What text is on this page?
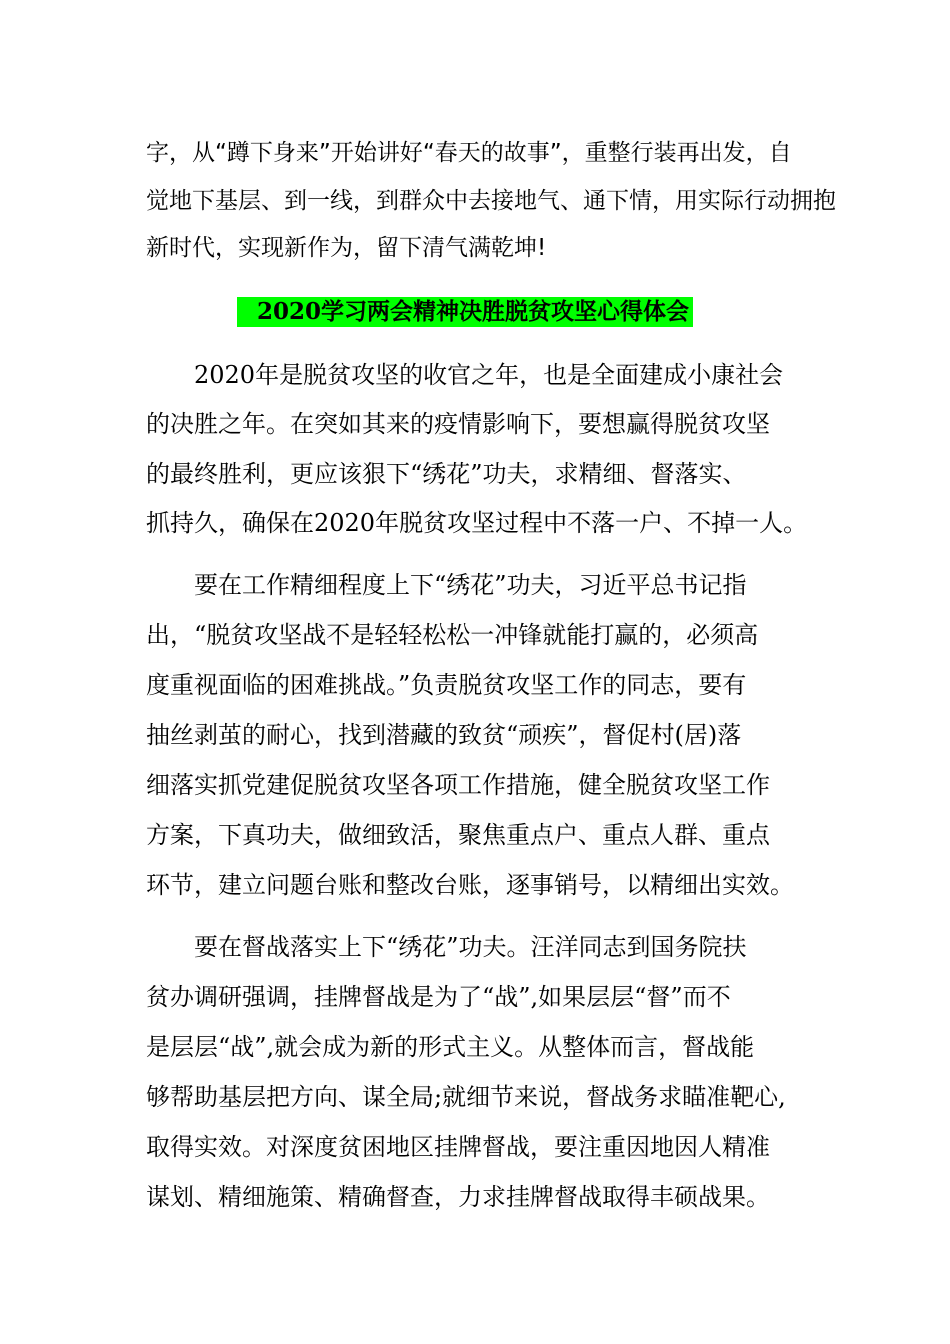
字，从“蹲下身来”开始讲好“春天的故事”，重整行装再出发，自
觉地下基层、到一线，到群众中去接地气、通下情，用实际行动拥抱
新时代，实现新作为，留下清气满乾坤!
2020学习两会精神决胜脱贫攻坚心得体会
2020年是脱贫攻坚的收官之年，也是全面建成小康社会
的决胜之年。在突如其来的疫情影响下，要想赢得脱贫攻坚
的最终胜利，更应该狠下“绣花”功夫，求精细、督落实、
抓持久，确保在2020年脱贫攻坚过程中不落一户、不掉一人。
要在工作精细程度上下“绣花”功夫，习近平总书记指
出，“脱贫攻坚战不是轻轻松松一冲锋就能打赢的，必须高
度重视面临的困难挑战。”负责脱贫攻坚工作的同志，要有
抽丝剥茧的耐心，找到潜藏的致贫“顽疾”，督促村(居)落
细落实抓党建促脱贫攻坚各项工作措施，健全脱贫攻坚工作
方案，下真功夫，做细致活，聚焦重点户、重点人群、重点
环节，建立问题台账和整改台账，逐事销号，以精细出实效。
要在督战落实上下“绣花”功夫。汪洋同志到国务院扶
贫办调研强调，挂牌督战是为了“战”,如果层层“督”而不
是层层“战”,就会成为新的形式主义。从整体而言，督战能
够帮助基层把方向、谋全局;就细节来说，督战务求瞄准靶心,
取得实效。对深度贫困地区挂牌督战，要注重因地因人精准
谋划、精细施策、精确督查，力求挂牌督战取得丰硕战果。
